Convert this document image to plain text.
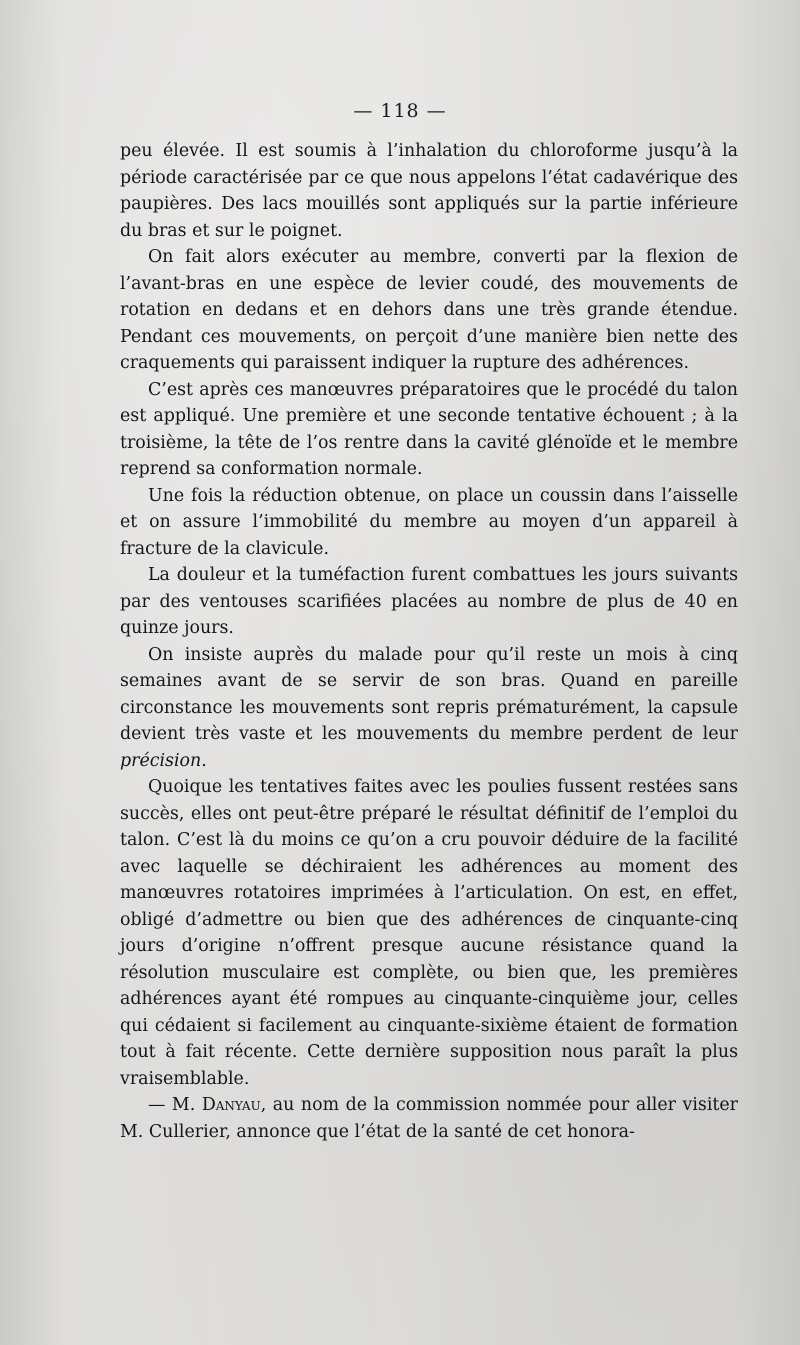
— 118 —

peu élevée. Il est soumis à l’inhalation du chloroforme jusqu’à la période caractérisée par ce que nous appelons l’état cadavérique des paupières. Des lacs mouillés sont appliqués sur la partie inférieure du bras et sur le poignet.

On fait alors exécuter au membre, converti par la flexion de l’avant-bras en une espèce de levier coudé, des mouvements de rotation en dedans et en dehors dans une très grande étendue. Pendant ces mouvements, on perçoit d’une manière bien nette des craquements qui paraissent indiquer la rupture des adhérences.

C’est après ces manœuvres préparatoires que le procédé du talon est appliqué. Une première et une seconde tentative échouent ; à la troisième, la tête de l’os rentre dans la cavité glénoïde et le membre reprend sa conformation normale.

Une fois la réduction obtenue, on place un coussin dans l’aisselle et on assure l’immobilité du membre au moyen d’un appareil à fracture de la clavicule.

La douleur et la tuméfaction furent combattues les jours suivants par des ventouses scarifiées placées au nombre de plus de 40 en quinze jours.

On insiste auprès du malade pour qu’il reste un mois à cinq semaines avant de se servir de son bras. Quand en pareille circonstance les mouvements sont repris prématurément, la capsule devient très vaste et les mouvements du membre perdent de leur précision.

Quoique les tentatives faites avec les poulies fussent restées sans succès, elles ont peut-être préparé le résultat définitif de l’emploi du talon. C’est là du moins ce qu’on a cru pouvoir déduire de la facilité avec laquelle se déchiraient les adhérences au moment des manœuvres rotatoires imprimées à l’articulation. On est, en effet, obligé d’admettre ou bien que des adhérences de cinquante-cinq jours d’origine n’offrent presque aucune résistance quand la résolution musculaire est complète, ou bien que, les premières adhérences ayant été rompues au cinquante-cinquième jour, celles qui cédaient si facilement au cinquante-sixième étaient de formation tout à fait récente. Cette dernière supposition nous paraît la plus vraisemblable.

— M. Danyau, au nom de la commission nommée pour aller visiter M. Cullerier, annonce que l’état de la santé de cet honora-
